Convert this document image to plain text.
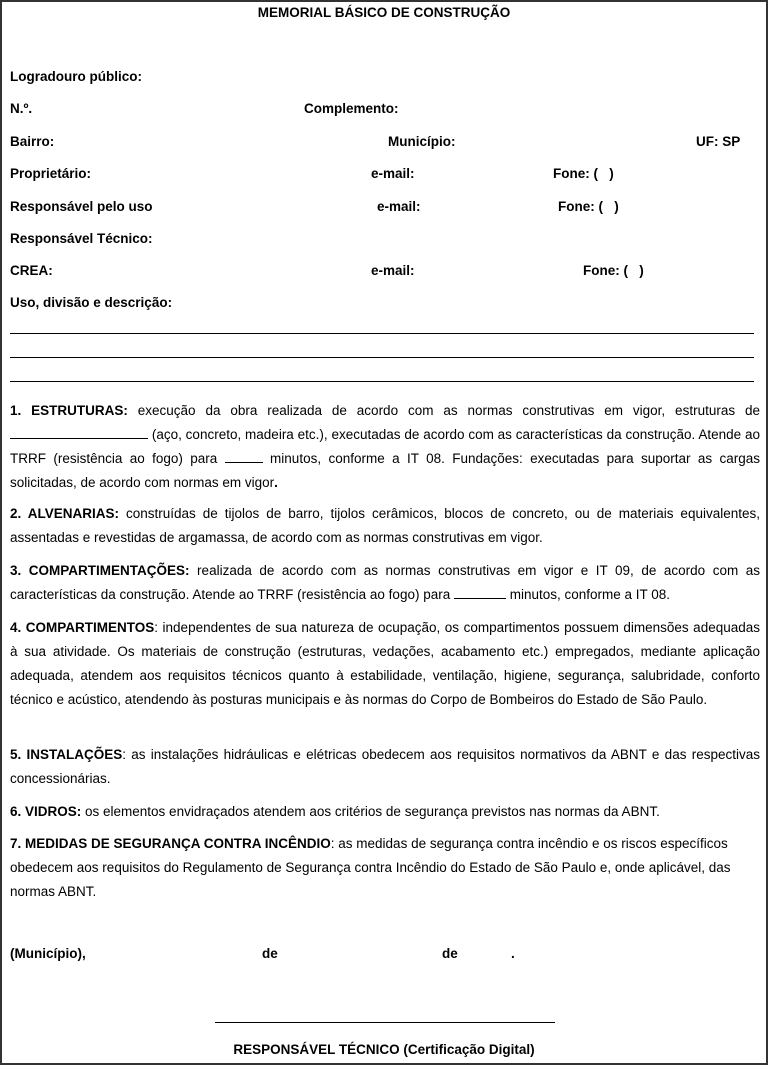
MEMORIAL BÁSICO DE CONSTRUÇÃO
Logradouro público:
N.º.	Complemento:
Bairro:	Município:	UF: SP
Proprietário:	e-mail:	Fone: (   )
Responsável pelo uso	e-mail:	Fone: (   )
Responsável Técnico:
CREA:	e-mail:	Fone: (   )
Uso, divisão e descrição:
1. ESTRUTURAS: execução da obra realizada de acordo com as normas construtivas em vigor, estruturas de  (aço, concreto, madeira etc.), executadas de acordo com as características da construção. Atende ao TRRF (resistência ao fogo) para	minutos, conforme a IT 08. Fundações: executadas para suportar as cargas solicitadas, de acordo com normas em vigor.
2. ALVENARIAS: construídas de tijolos de barro, tijolos cerâmicos, blocos de concreto, ou de materiais equivalentes, assentadas e revestidas de argamassa, de acordo com as normas construtivas em vigor.
3. COMPARTIMENTAÇÕES: realizada de acordo com as normas construtivas em vigor e IT 09, de acordo com as características da construção. Atende ao TRRF (resistência ao fogo) para	minutos, conforme a IT 08.
4. COMPARTIMENTOS: independentes de sua natureza de ocupação, os compartimentos possuem dimensões adequadas à sua atividade. Os materiais de construção (estruturas, vedações, acabamento etc.) empregados, mediante aplicação adequada, atendem aos requisitos técnicos quanto à estabilidade, ventilação, higiene, segurança, salubridade, conforto técnico e acústico, atendendo às posturas municipais e às normas do Corpo de Bombeiros do Estado de São Paulo.
5. INSTALAÇÕES: as instalações hidráulicas e elétricas obedecem aos requisitos normativos da ABNT e das respectivas concessionárias.
6. VIDROS: os elementos envidraçados atendem aos critérios de segurança previstos nas normas da ABNT.
7. MEDIDAS DE SEGURANÇA CONTRA INCÊNDIO: as medidas de segurança contra incêndio e os riscos específicos
obedecem aos requisitos do Regulamento de Segurança contra Incêndio do Estado de São Paulo e, onde aplicável, das normas ABNT.
(Município),	de	de	.
RESPONSÁVEL TÉCNICO (Certificação Digital)
